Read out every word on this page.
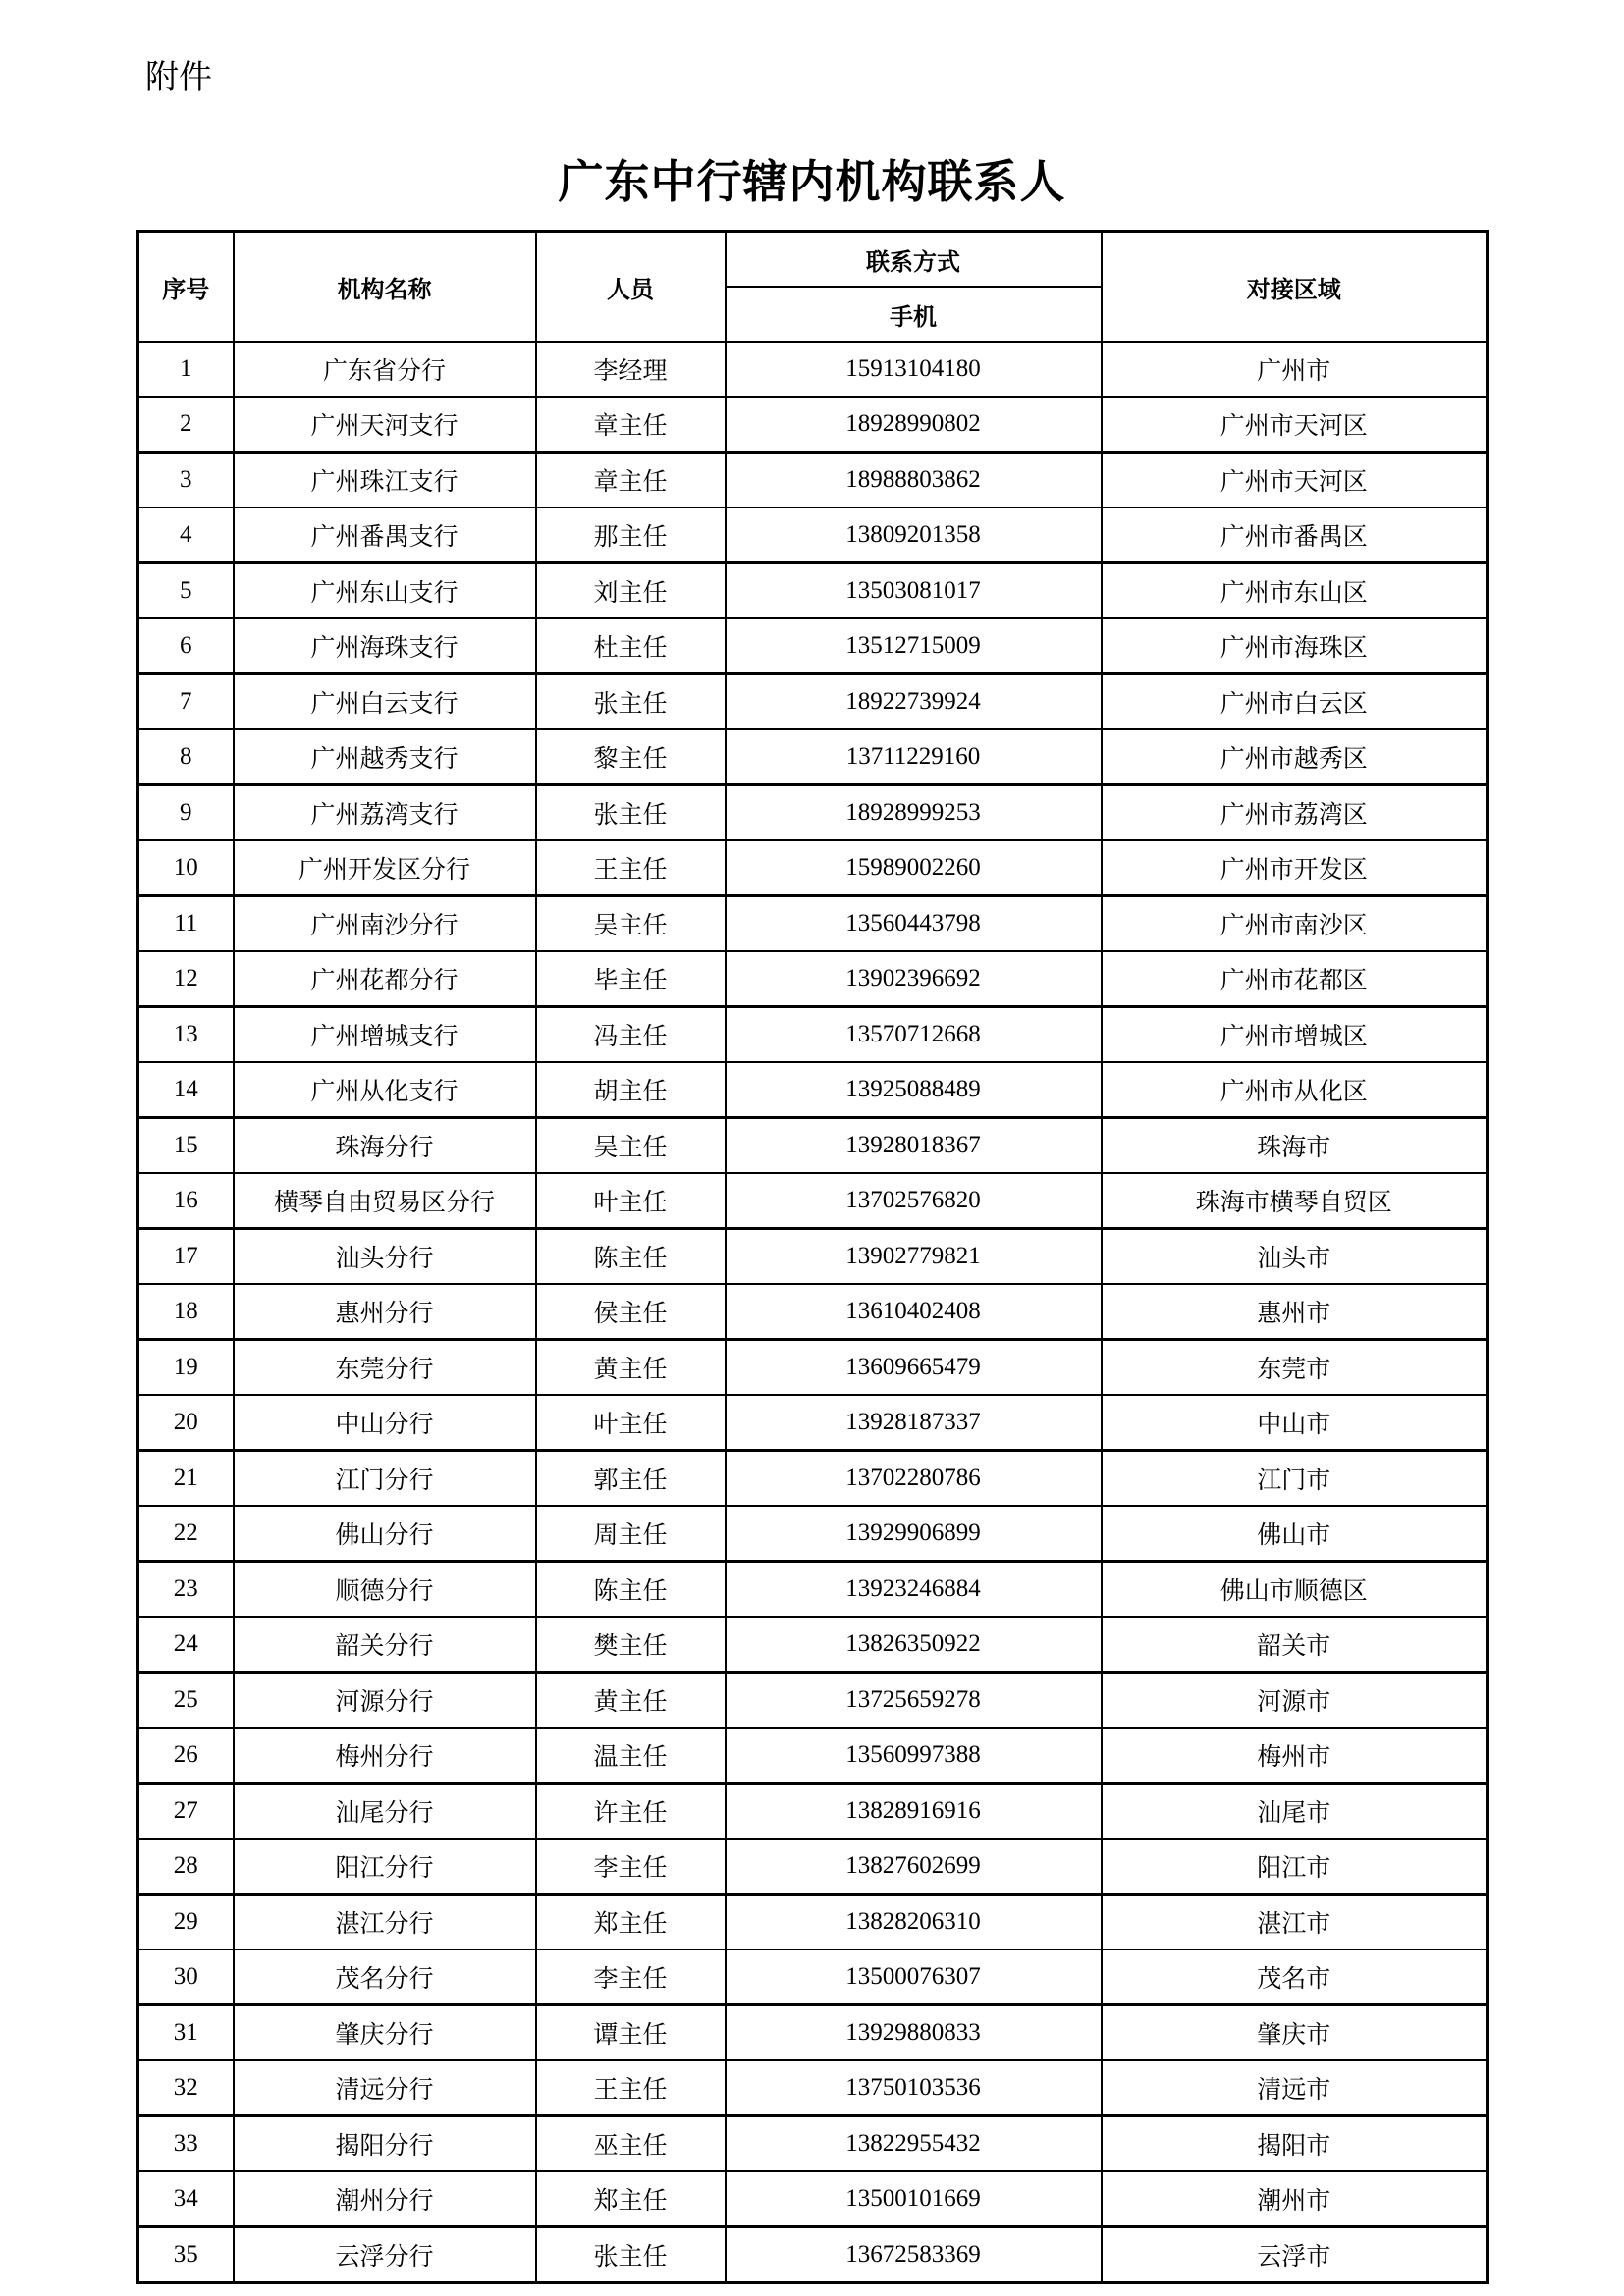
附件
广东中行辖内机构联系人
序号	机构名称	人员	联系方式	对接区域
			手机	
1	广东省分行	李经理	15913104180	广州市
2	广州天河支行	章主任	18928990802	广州市天河区
3	广州珠江支行	章主任	18988803862	广州市天河区
4	广州番禺支行	那主任	13809201358	广州市番禺区
5	广州东山支行	刘主任	13503081017	广州市东山区
6	广州海珠支行	杜主任	13512715009	广州市海珠区
7	广州白云支行	张主任	18922739924	广州市白云区
8	广州越秀支行	黎主任	13711229160	广州市越秀区
9	广州荔湾支行	张主任	18928999253	广州市荔湾区
10	广州开发区分行	王主任	15989002260	广州市开发区
11	广州南沙分行	吴主任	13560443798	广州市南沙区
12	广州花都分行	毕主任	13902396692	广州市花都区
13	广州增城支行	冯主任	13570712668	广州市增城区
14	广州从化支行	胡主任	13925088489	广州市从化区
15	珠海分行	吴主任	13928018367	珠海市
16	横琴自由贸易区分行	叶主任	13702576820	珠海市横琴自贸区
17	汕头分行	陈主任	13902779821	汕头市
18	惠州分行	侯主任	13610402408	惠州市
19	东莞分行	黄主任	13609665479	东莞市
20	中山分行	叶主任	13928187337	中山市
21	江门分行	郭主任	13702280786	江门市
22	佛山分行	周主任	13929906899	佛山市
23	顺德分行	陈主任	13923246884	佛山市顺德区
24	韶关分行	樊主任	13826350922	韶关市
25	河源分行	黄主任	13725659278	河源市
26	梅州分行	温主任	13560997388	梅州市
27	汕尾分行	许主任	13828916916	汕尾市
28	阳江分行	李主任	13827602699	阳江市
29	湛江分行	郑主任	13828206310	湛江市
30	茂名分行	李主任	13500076307	茂名市
31	肇庆分行	谭主任	13929880833	肇庆市
32	清远分行	王主任	13750103536	清远市
33	揭阳分行	巫主任	13822955432	揭阳市
34	潮州分行	郑主任	13500101669	潮州市
35	云浮分行	张主任	13672583369	云浮市
